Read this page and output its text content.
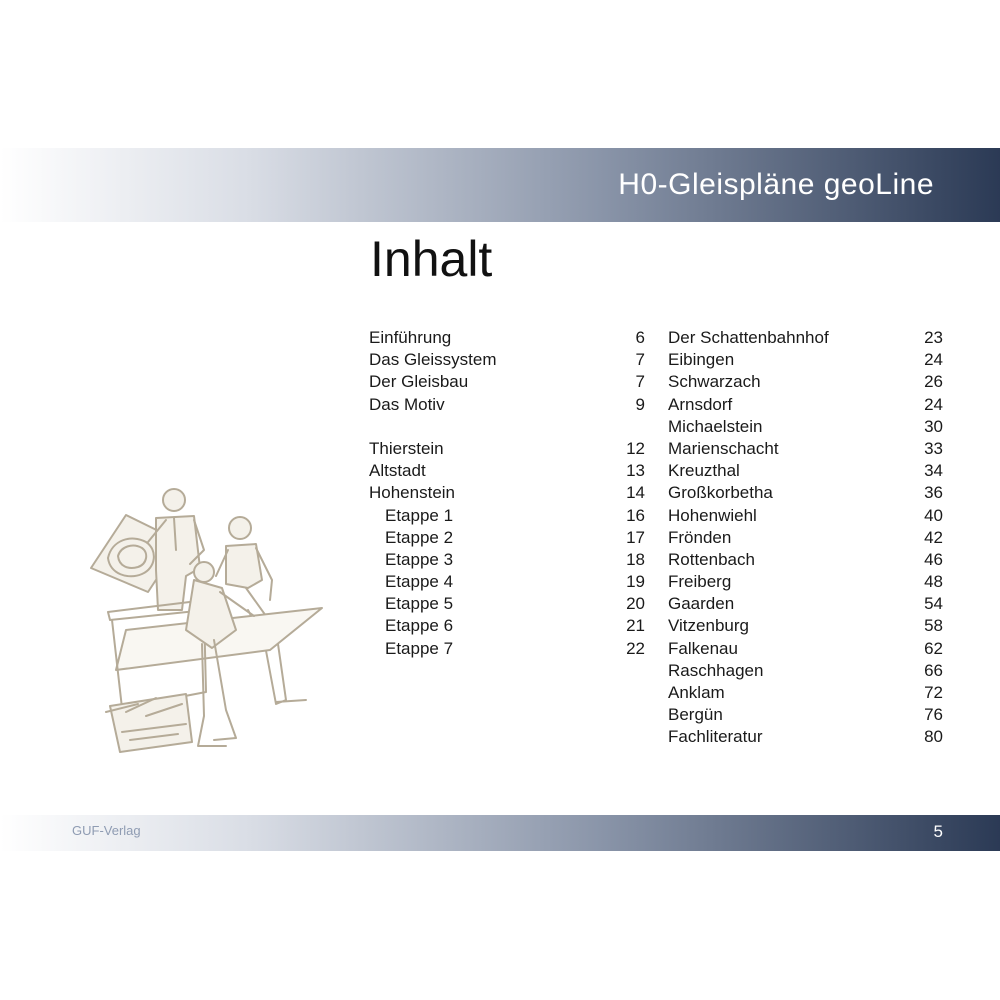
H0-Gleispläne geoLine
Inhalt
Einführung	6
Das Gleissystem	7
Der Gleisbau	7
Das Motiv	9
Thierstein	12
Altstadt	13
Hohenstein	14
Etappe 1	16
Etappe 2	17
Etappe 3	18
Etappe 4	19
Etappe 5	20
Etappe 6	21
Etappe 7	22
Der Schattenbahnhof	23
Eibingen	24
Schwarzach	26
Arnsdorf	24
Michaelstein	30
Marienschacht	33
Kreuzthal	34
Großkorbetha	36
Hohenwiehl	40
Frönden	42
Rottenbach	46
Freiberg	48
Gaarden	54
Vitzenburg	58
Falkenau	62
Raschhagen	66
Anklam	72
Bergün	76
Fachliteratur	80
GUF-Verlag	5
